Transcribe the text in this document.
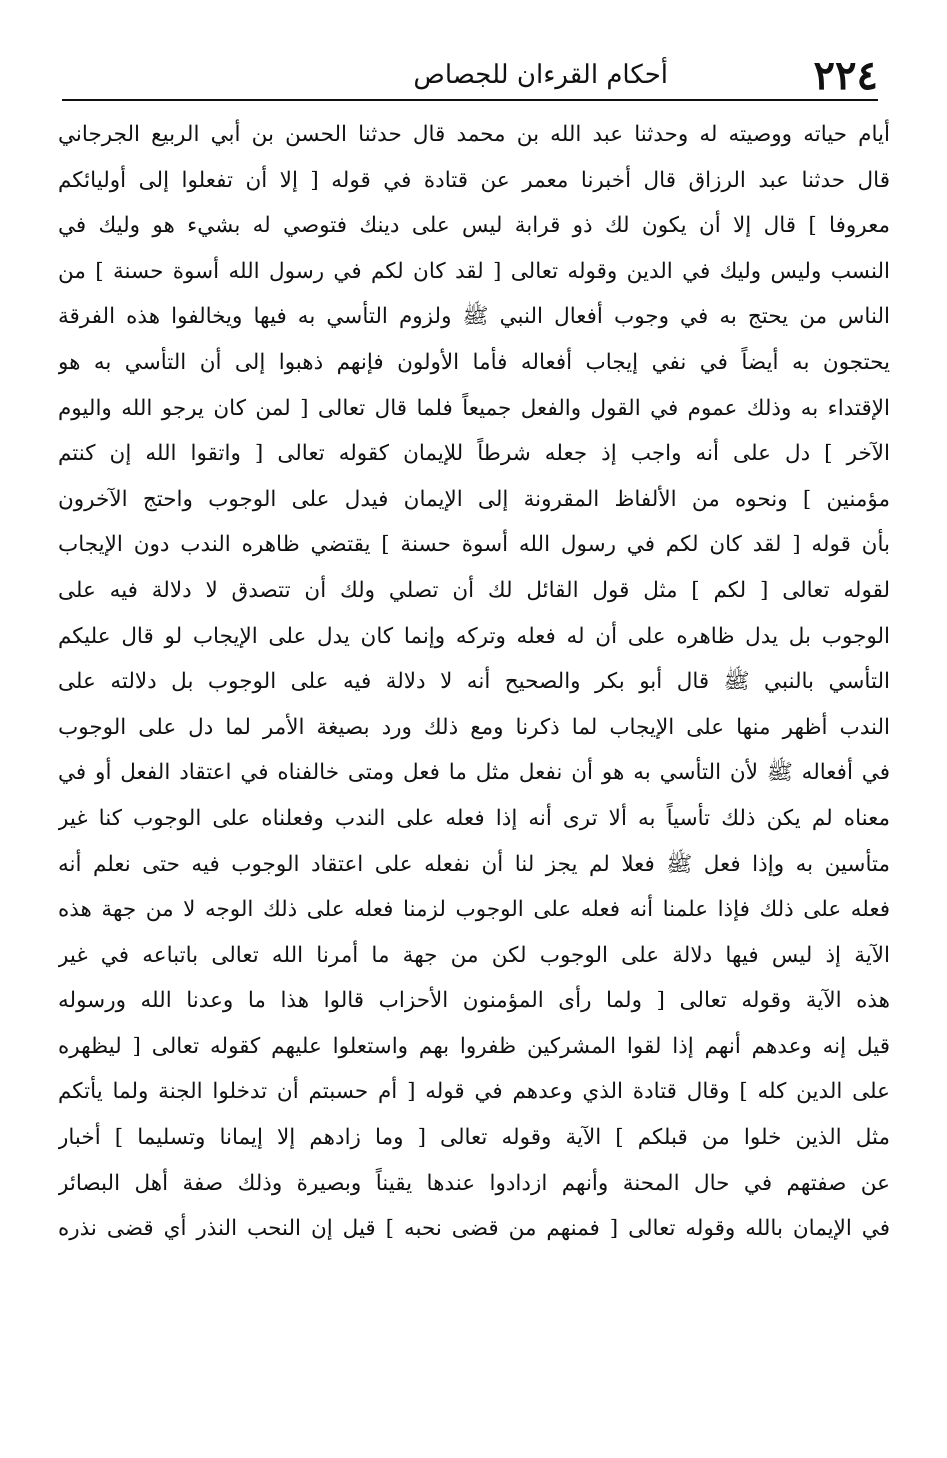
٢٢٤
أحكام القرءان للجصاص
أيام حياته ووصيته له وحدثنا عبد الله بن محمد قال حدثنا الحسن بن أبي الربيع الجرجاني
قال حدثنا عبد الرزاق قال أخبرنا معمر عن قتادة في قوله [ إلا أن تفعلوا إلى أوليائكم
معروفا ] قال إلا أن يكون لك ذو قرابة ليس على دينك فتوصي له بشيء هو وليك في
النسب وليس وليك في الدين وقوله تعالى [ لقد كان لكم في رسول الله أسوة حسنة ] من
الناس من يحتج به في وجوب أفعال النبي ﷺ ولزوم التأسي به فيها ويخالفوا هذه الفرقة
يحتجون به أيضاً في نفي إيجاب أفعاله فأما الأولون فإنهم ذهبوا إلى أن التأسي به هو
الإقتداء به وذلك عموم في القول والفعل جميعاً فلما قال تعالى [ لمن كان يرجو الله واليوم
الآخر ] دل على أنه واجب إذ جعله شرطاً للإيمان كقوله تعالى [ واتقوا الله إن كنتم
مؤمنين ] ونحوه من الألفاظ المقرونة إلى الإيمان فيدل على الوجوب واحتج الآخرون
بأن قوله [ لقد كان لكم في رسول الله أسوة حسنة ] يقتضي ظاهره الندب دون الإيجاب
لقوله تعالى [ لكم ] مثل قول القائل لك أن تصلي ولك أن تتصدق لا دلالة فيه على
الوجوب بل يدل ظاهره على أن له فعله وتركه وإنما كان يدل على الإيجاب لو قال عليكم
التأسي بالنبي ﷺ قال أبو بكر والصحيح أنه لا دلالة فيه على الوجوب بل دلالته على
الندب أظهر منها على الإيجاب لما ذكرنا ومع ذلك ورد بصيغة الأمر لما دل على الوجوب
في أفعاله ﷺ لأن التأسي به هو أن نفعل مثل ما فعل ومتى خالفناه في اعتقاد الفعل أو في
معناه لم يكن ذلك تأسياً به ألا ترى أنه إذا فعله على الندب وفعلناه على الوجوب كنا غير
متأسين به وإذا فعل ﷺ فعلا لم يجز لنا أن نفعله على اعتقاد الوجوب فيه حتى نعلم أنه
فعله على ذلك فإذا علمنا أنه فعله على الوجوب لزمنا فعله على ذلك الوجه لا من جهة هذه
الآية إذ ليس فيها دلالة على الوجوب لكن من جهة ما أمرنا الله تعالى باتباعه في غير
هذه الآية وقوله تعالى [ ولما رأى المؤمنون الأحزاب قالوا هذا ما وعدنا الله ورسوله
قيل إنه وعدهم أنهم إذا لقوا المشركين ظفروا بهم واستعلوا عليهم كقوله تعالى [ ليظهره
على الدين كله ] وقال قتادة الذي وعدهم في قوله [ أم حسبتم أن تدخلوا الجنة ولما يأتكم
مثل الذين خلوا من قبلكم ] الآية وقوله تعالى [ وما زادهم إلا إيمانا وتسليما ] أخبار
عن صفتهم في حال المحنة وأنهم ازدادوا عندها يقيناً وبصيرة وذلك صفة أهل البصائر
في الإيمان بالله وقوله تعالى [ فمنهم من قضى نحبه ] قيل إن النحب النذر أي قضى نذره
